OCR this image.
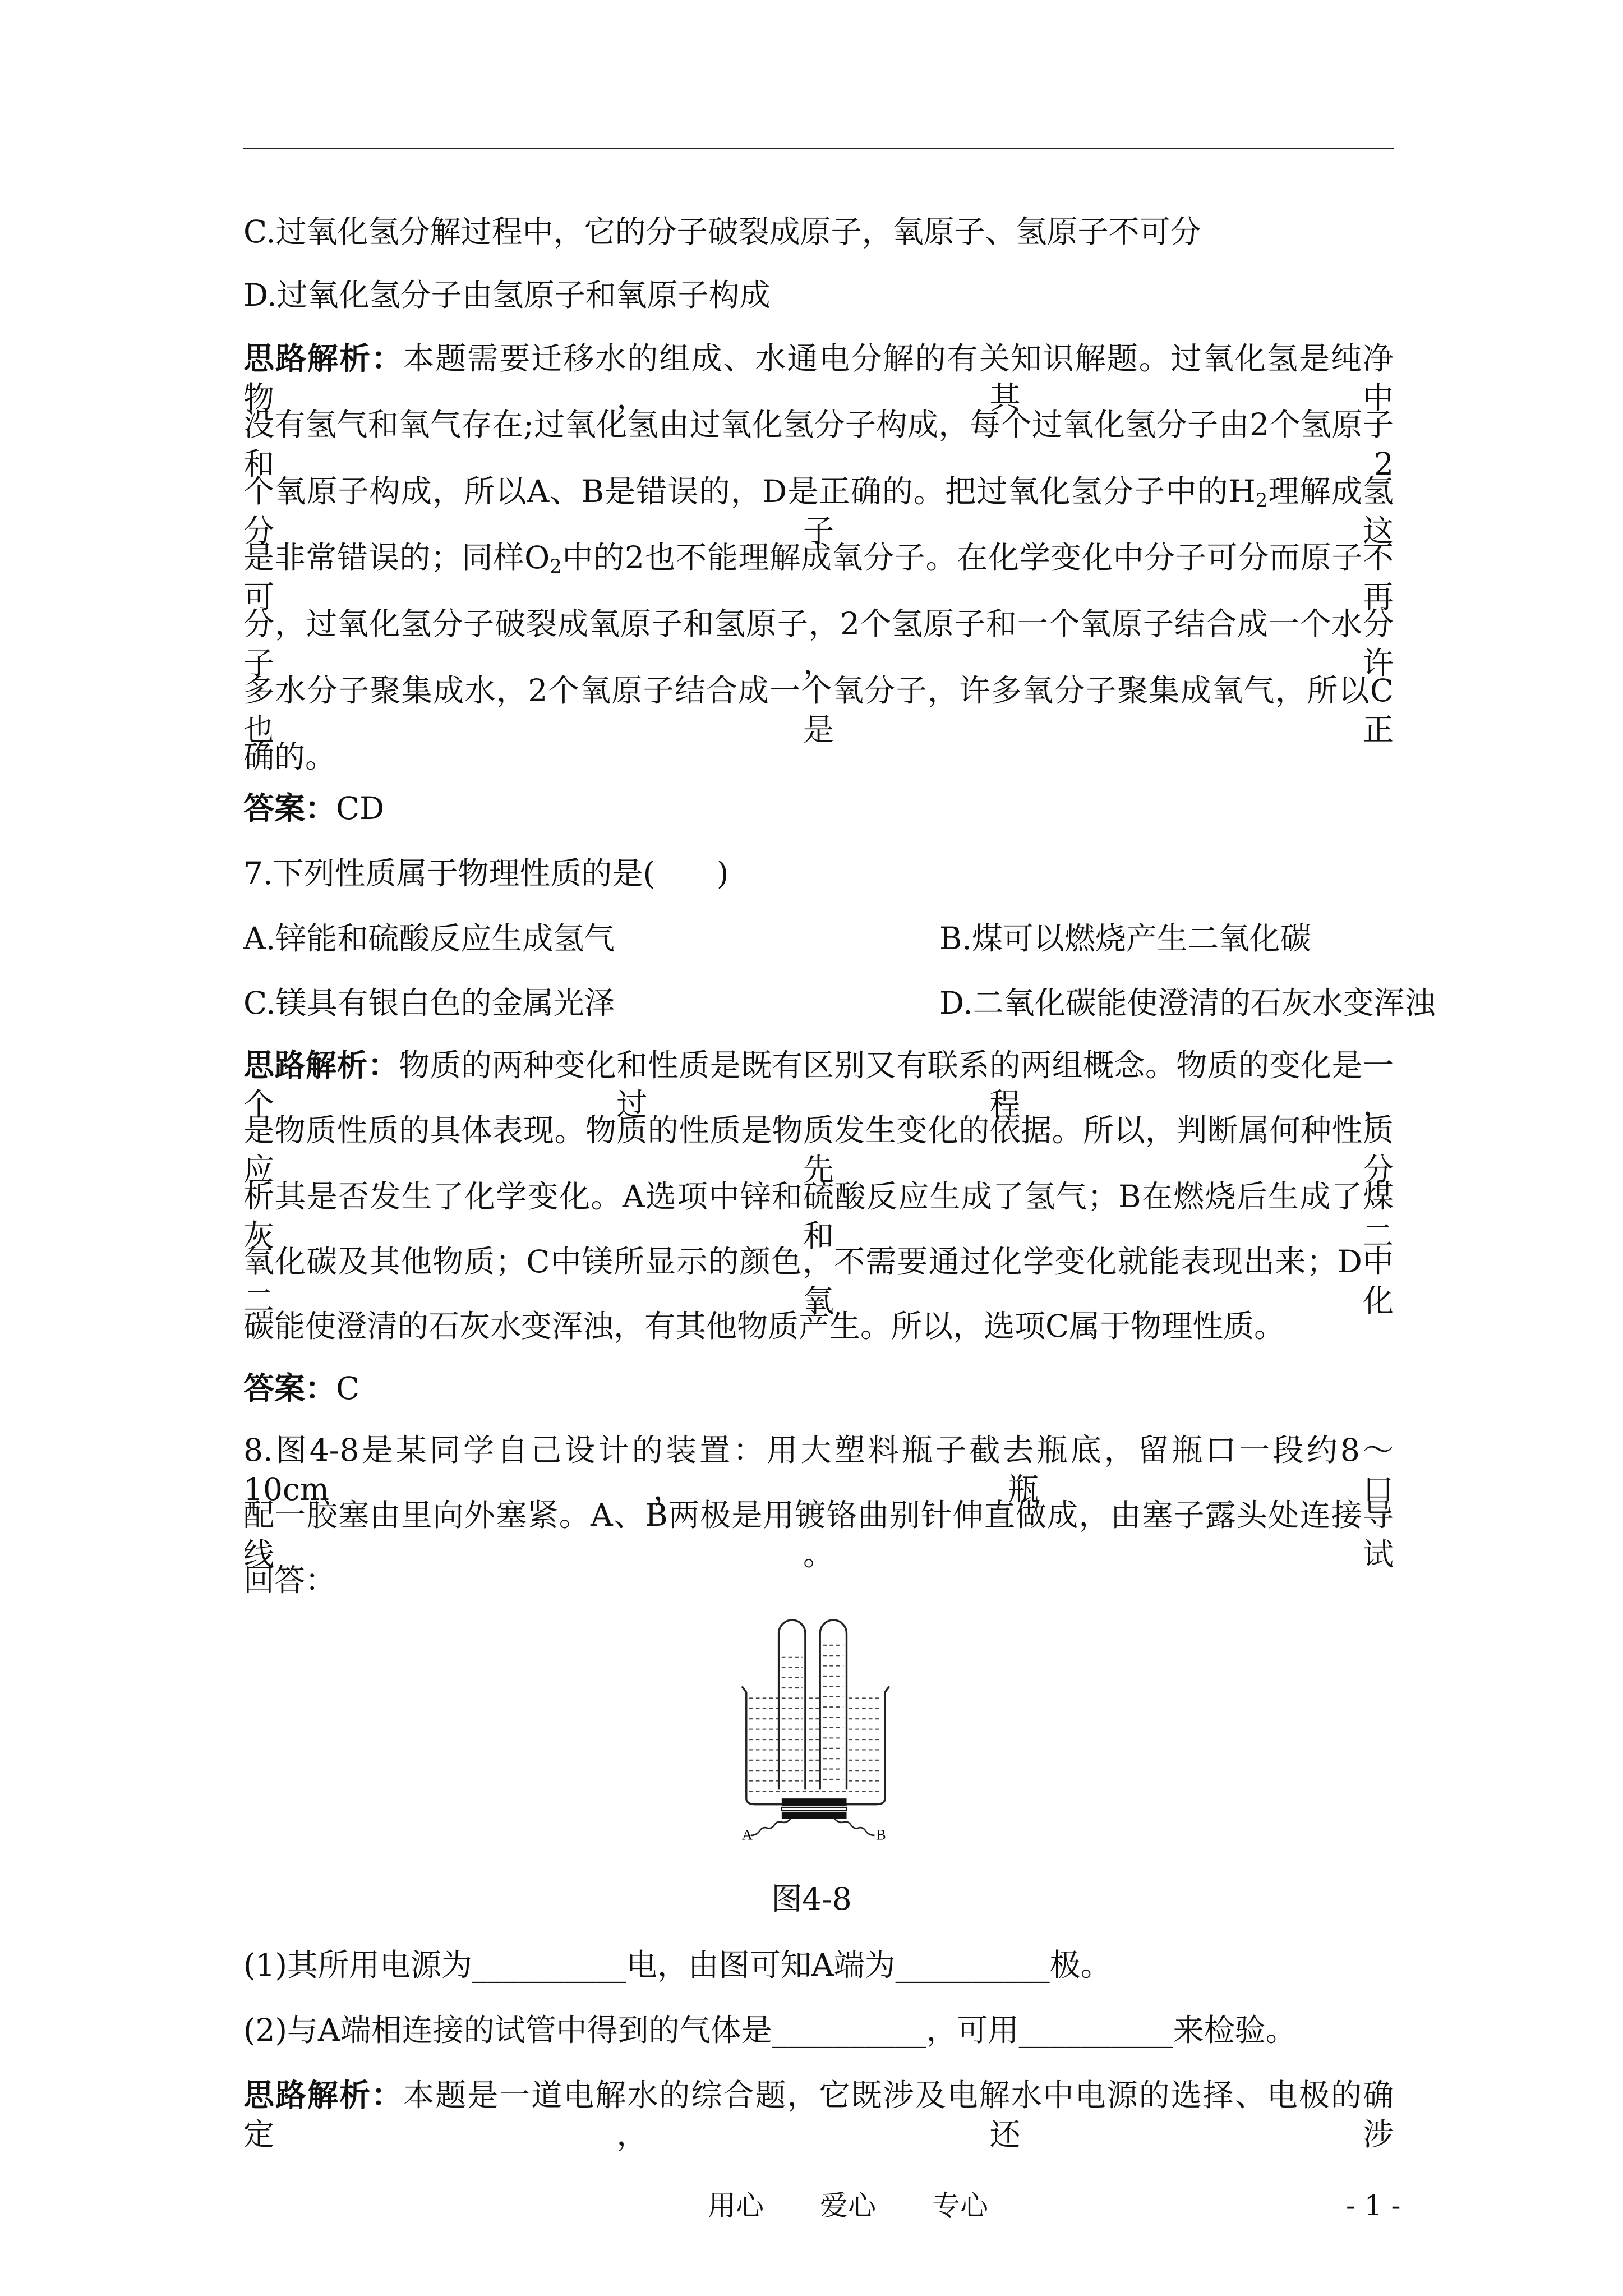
C.过氧化氢分解过程中，它的分子破裂成原子，氧原子、氢原子不可分
D.过氧化氢分子由氢原子和氧原子构成
思路解析：本题需要迁移水的组成、水通电分解的有关知识解题。过氧化氢是纯净物，其中
没有氢气和氧气存在;过氧化氢由过氧化氢分子构成，每个过氧化氢分子由2个氢原子和2
个氧原子构成，所以A、B是错误的，D是正确的。把过氧化氢分子中的$H_2$理解成氢分子这
是非常错误的；同样$O_2$中的2也不能理解成氧分子。在化学变化中分子可分而原子不可再
分，过氧化氢分子破裂成氧原子和氢原子，2个氢原子和一个氧原子结合成一个水分子，许
多水分子聚集成水，2个氧原子结合成一个氧分子，许多氧分子聚集成氧气，所以C也是正
确的。
答案：CD
7.下列性质属于物理性质的是(　　)
A.锌能和硫酸反应生成氢气	B.煤可以燃烧产生二氧化碳
C.镁具有银白色的金属光泽	D.二氧化碳能使澄清的石灰水变浑浊
思路解析：物质的两种变化和性质是既有区别又有联系的两组概念。物质的变化是一个过程，
是物质性质的具体表现。物质的性质是物质发生变化的依据。所以，判断属何种性质应先分
析其是否发生了化学变化。A选项中锌和硫酸反应生成了氢气；B在燃烧后生成了煤灰和二
氧化碳及其他物质；C中镁所显示的颜色，不需要通过化学变化就能表现出来；D中二氧化
碳能使澄清的石灰水变浑浊，有其他物质产生。所以，选项C属于物理性质。
答案：C
8.图4-8是某同学自己设计的装置：用大塑料瓶子截去瓶底，留瓶口一段约8～10cm，瓶口
配一胶塞由里向外塞紧。A、B两极是用镀铬曲别针伸直做成，由塞子露头处连接导线。试
回答：
A	B
图4-8
(1)其所用电源为__________电，由图可知A端为__________极。
(2)与A端相连接的试管中得到的气体是__________，可用__________来检验。
思路解析：本题是一道电解水的综合题，它既涉及电解水中电源的选择、电极的确定，还涉
用心　　爱心　　专心	- 1 -
